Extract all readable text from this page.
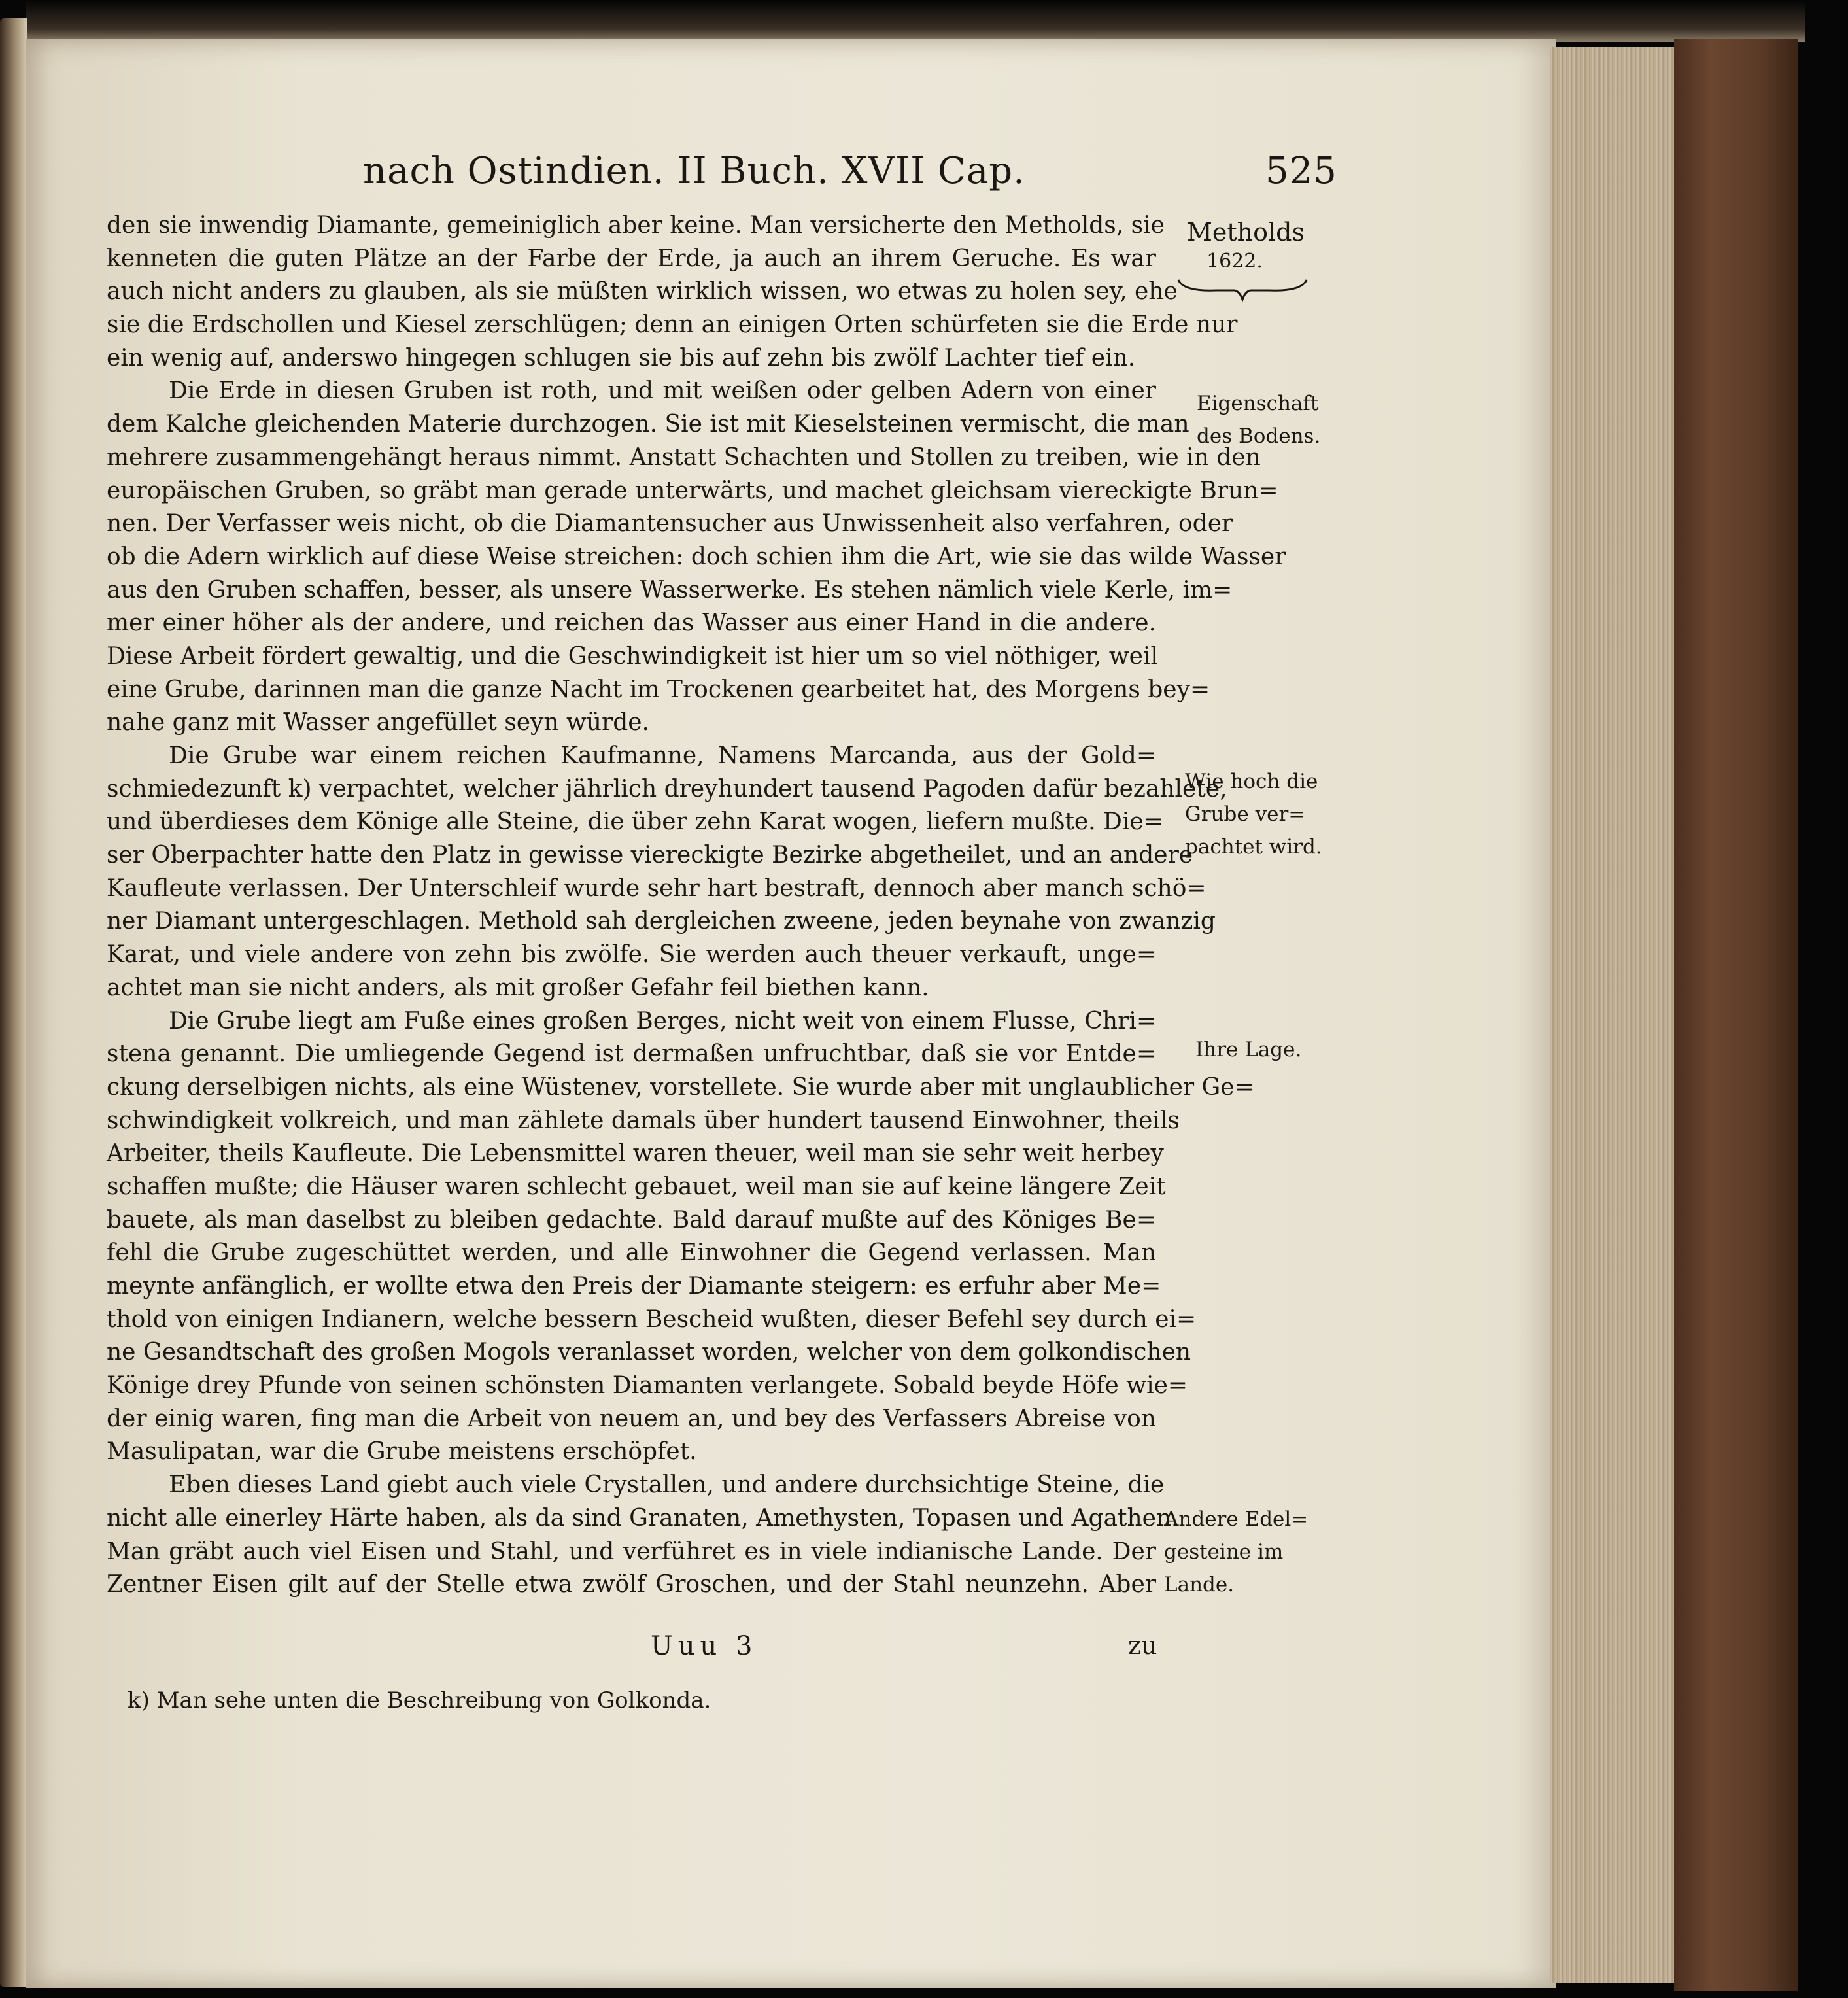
nach Ostindien. II Buch. XVII Cap.	525
den sie inwendig Diamante, gemeiniglich aber keine. Man versicherte den Metholds, sie
kenneten die guten Plätze an der Farbe der Erde, ja auch an ihrem Geruche. Es war
auch nicht anders zu glauben, als sie müßten wirklich wissen, wo etwas zu holen sey, ehe
sie die Erdschollen und Kiesel zerschlügen; denn an einigen Orten schürfeten sie die Erde nur
ein wenig auf, anderswo hingegen schlugen sie bis auf zehn bis zwölf Lachter tief ein.
Die Erde in diesen Gruben ist roth, und mit weißen oder gelben Adern von einer
dem Kalche gleichenden Materie durchzogen. Sie ist mit Kieselsteinen vermischt, die man
mehrere zusammengehängt heraus nimmt. Anstatt Schachten und Stollen zu treiben, wie in den
europäischen Gruben, so gräbt man gerade unterwärts, und machet gleichsam viereckigte Brun=
nen. Der Verfasser weis nicht, ob die Diamantensucher aus Unwissenheit also verfahren, oder
ob die Adern wirklich auf diese Weise streichen: doch schien ihm die Art, wie sie das wilde Wasser
aus den Gruben schaffen, besser, als unsere Wasserwerke. Es stehen nämlich viele Kerle, im=
mer einer höher als der andere, und reichen das Wasser aus einer Hand in die andere.
Diese Arbeit fördert gewaltig, und die Geschwindigkeit ist hier um so viel nöthiger, weil
eine Grube, darinnen man die ganze Nacht im Trockenen gearbeitet hat, des Morgens bey=
nahe ganz mit Wasser angefüllet seyn würde.
Die Grube war einem reichen Kaufmanne, Namens Marcanda, aus der Gold=
schmiedezunft k) verpachtet, welcher jährlich dreyhundert tausend Pagoden dafür bezahlete,
und überdieses dem Könige alle Steine, die über zehn Karat wogen, liefern mußte. Die=
ser Oberpachter hatte den Platz in gewisse viereckigte Bezirke abgetheilet, und an andere
Kaufleute verlassen. Der Unterschleif wurde sehr hart bestraft, dennoch aber manch schö=
ner Diamant untergeschlagen. Methold sah dergleichen zweene, jeden beynahe von zwanzig
Karat, und viele andere von zehn bis zwölfe. Sie werden auch theuer verkauft, unge=
achtet man sie nicht anders, als mit großer Gefahr feil biethen kann.
Die Grube liegt am Fuße eines großen Berges, nicht weit von einem Flusse, Chri=
stena genannt. Die umliegende Gegend ist dermaßen unfruchtbar, daß sie vor Entde=
ckung derselbigen nichts, als eine Wüstenev, vorstellete. Sie wurde aber mit unglaublicher Ge=
schwindigkeit volkreich, und man zählete damals über hundert tausend Einwohner, theils
Arbeiter, theils Kaufleute. Die Lebensmittel waren theuer, weil man sie sehr weit herbey
schaffen mußte; die Häuser waren schlecht gebauet, weil man sie auf keine längere Zeit
bauete, als man daselbst zu bleiben gedachte. Bald darauf mußte auf des Königes Be=
fehl die Grube zugeschüttet werden, und alle Einwohner die Gegend verlassen. Man
meynte anfänglich, er wollte etwa den Preis der Diamante steigern: es erfuhr aber Me=
thold von einigen Indianern, welche bessern Bescheid wußten, dieser Befehl sey durch ei=
ne Gesandtschaft des großen Mogols veranlasset worden, welcher von dem golkondischen
Könige drey Pfunde von seinen schönsten Diamanten verlangete. Sobald beyde Höfe wie=
der einig waren, fing man die Arbeit von neuem an, und bey des Verfassers Abreise von
Masulipatan, war die Grube meistens erschöpfet.
Eben dieses Land giebt auch viele Crystallen, und andere durchsichtige Steine, die
nicht alle einerley Härte haben, als da sind Granaten, Amethysten, Topasen und Agathen.
Man gräbt auch viel Eisen und Stahl, und verführet es in viele indianische Lande. Der
Zentner Eisen gilt auf der Stelle etwa zwölf Groschen, und der Stahl neunzehn. Aber
Metholds
1622.
Eigenschaft
des Bodens.
Wie hoch die
Grube ver=
pachtet wird.
Ihre Lage.
Andere Edel=
gesteine im
Lande.
Uuu 3	zu
k) Man sehe unten die Beschreibung von Golkonda.
